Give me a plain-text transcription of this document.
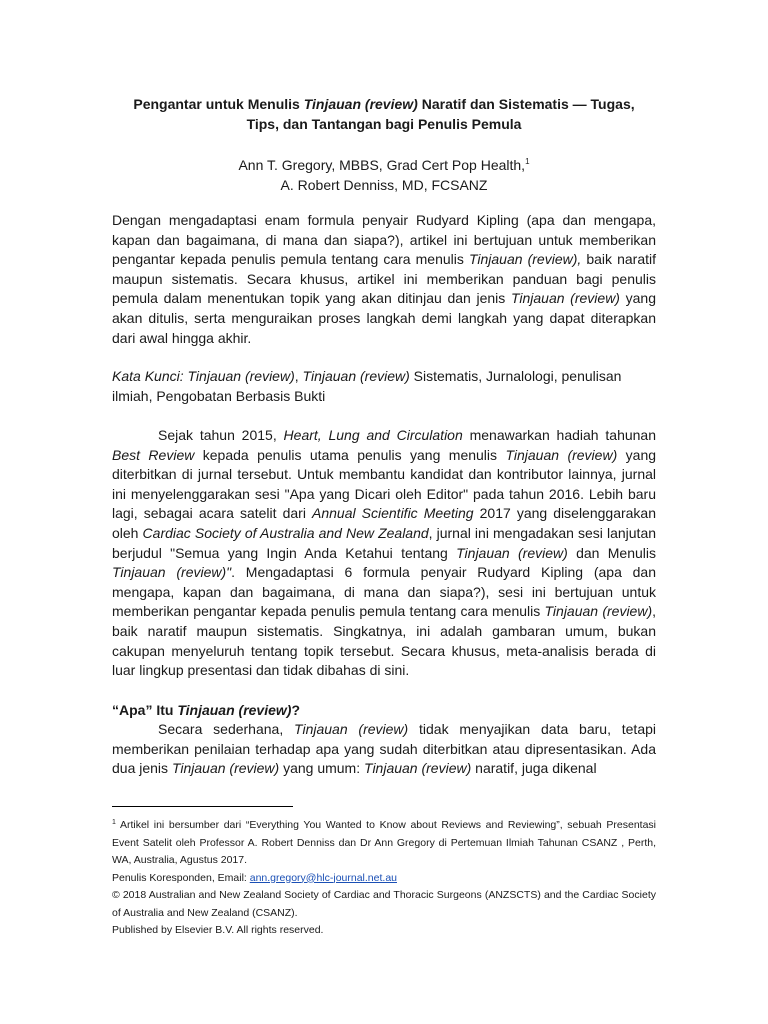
Pengantar untuk Menulis Tinjauan (review) Naratif dan Sistematis — Tugas,
Tips, dan Tantangan bagi Penulis Pemula
Ann T. Gregory, MBBS, Grad Cert Pop Health,$^1$
A. Robert Denniss, MD, FCSANZ

Dengan mengadaptasi enam formula penyair Rudyard Kipling (apa dan mengapa, kapan dan bagaimana, di mana dan siapa?), artikel ini bertujuan untuk memberikan pengantar kepada penulis pemula tentang cara menulis Tinjauan (review), baik naratif maupun sistematis. Secara khusus, artikel ini memberikan panduan bagi penulis pemula dalam menentukan topik yang akan ditinjau dan jenis Tinjauan (review) yang akan ditulis, serta menguraikan proses langkah demi langkah yang dapat diterapkan dari awal hingga akhir.

Kata Kunci: Tinjauan (review), Tinjauan (review) Sistematis, Jurnalologi, penulisan ilmiah, Pengobatan Berbasis Bukti

Sejak tahun 2015, Heart, Lung and Circulation menawarkan hadiah tahunan Best Review kepada penulis utama penulis yang menulis Tinjauan (review) yang diterbitkan di jurnal tersebut. Untuk membantu kandidat dan kontributor lainnya, jurnal ini menyelenggarakan sesi "Apa yang Dicari oleh Editor" pada tahun 2016. Lebih baru lagi, sebagai acara satelit dari Annual Scientific Meeting 2017 yang diselenggarakan oleh Cardiac Society of Australia and New Zealand, jurnal ini mengadakan sesi lanjutan berjudul "Semua yang Ingin Anda Ketahui tentang Tinjauan (review) dan Menulis Tinjauan (review)". Mengadaptasi 6 formula penyair Rudyard Kipling (apa dan mengapa, kapan dan bagaimana, di mana dan siapa?), sesi ini bertujuan untuk memberikan pengantar kepada penulis pemula tentang cara menulis Tinjauan (review), baik naratif maupun sistematis. Singkatnya, ini adalah gambaran umum, bukan cakupan menyeluruh tentang topik tersebut. Secara khusus, meta-analisis berada di luar lingkup presentasi dan tidak dibahas di sini.

“Apa” Itu Tinjauan (review)?

Secara sederhana, Tinjauan (review) tidak menyajikan data baru, tetapi memberikan penilaian terhadap apa yang sudah diterbitkan atau dipresentasikan. Ada dua jenis Tinjauan (review) yang umum: Tinjauan (review) naratif, juga dikenal

$^1$ Artikel ini bersumber dari “Everything You Wanted to Know about Reviews and Reviewing”, sebuah Presentasi Event Satelit oleh Professor A. Robert Denniss dan Dr Ann Gregory di Pertemuan Ilmiah Tahunan CSANZ , Perth, WA, Australia, Agustus 2017.
Penulis Koresponden, Email: ann.gregory@hlc-journal.net.au
© 2018 Australian and New Zealand Society of Cardiac and Thoracic Surgeons (ANZSCTS) and the Cardiac Society of Australia and New Zealand (CSANZ).
Published by Elsevier B.V. All rights reserved.
